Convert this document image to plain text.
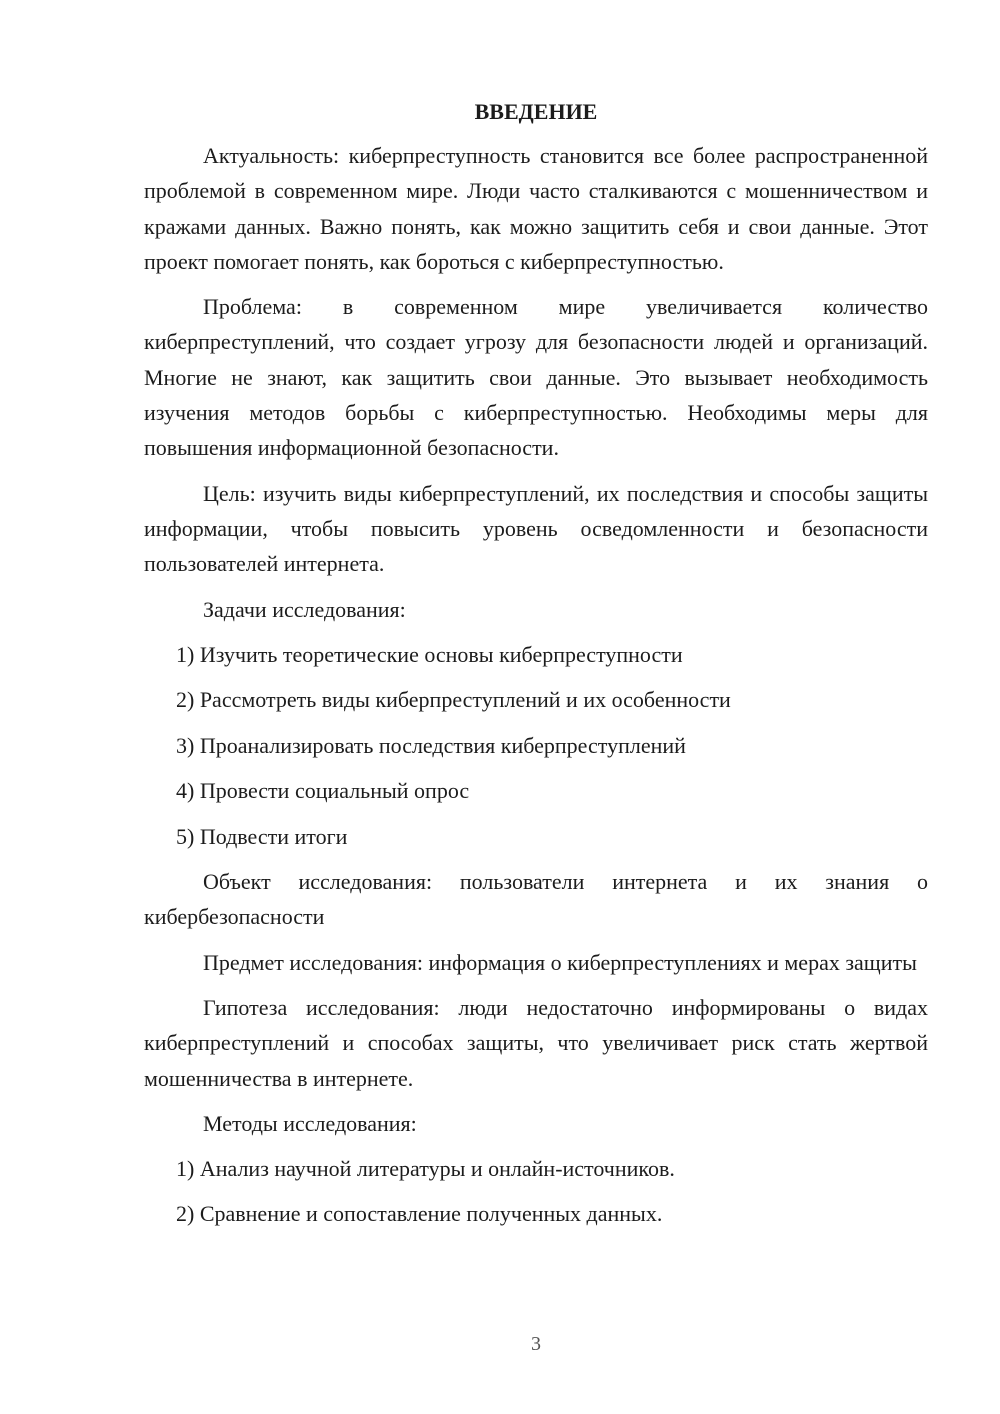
ВВЕДЕНИЕ

Актуальность: киберпреступность становится все более распространенной проблемой в современном мире. Люди часто сталкиваются с мошенничеством и кражами данных. Важно понять, как можно защитить себя и свои данные. Этот проект помогает понять, как бороться с киберпреступностью.

Проблема: в современном мире увеличивается количество киберпреступлений, что создает угрозу для безопасности людей и организаций. Многие не знают, как защитить свои данные. Это вызывает необходимость изучения методов борьбы с киберпреступностью. Необходимы меры для повышения информационной безопасности.

Цель: изучить виды киберпреступлений, их последствия и способы защиты информации, чтобы повысить уровень осведомленности и безопасности пользователей интернета.

Задачи исследования:

1) Изучить теоретические основы киберпреступности

2) Рассмотреть виды киберпреступлений и их особенности

3) Проанализировать последствия киберпреступлений

4) Провести социальный опрос

5) Подвести итоги

Объект исследования: пользователи интернета и их знания о кибербезопасности

Предмет исследования: информация о киберпреступлениях и мерах защиты

Гипотеза исследования: люди недостаточно информированы о видах киберпреступлений и способах защиты, что увеличивает риск стать жертвой мошенничества в интернете.

Методы исследования:

1) Анализ научной литературы и онлайн-источников.

2) Сравнение и сопоставление полученных данных.

3
